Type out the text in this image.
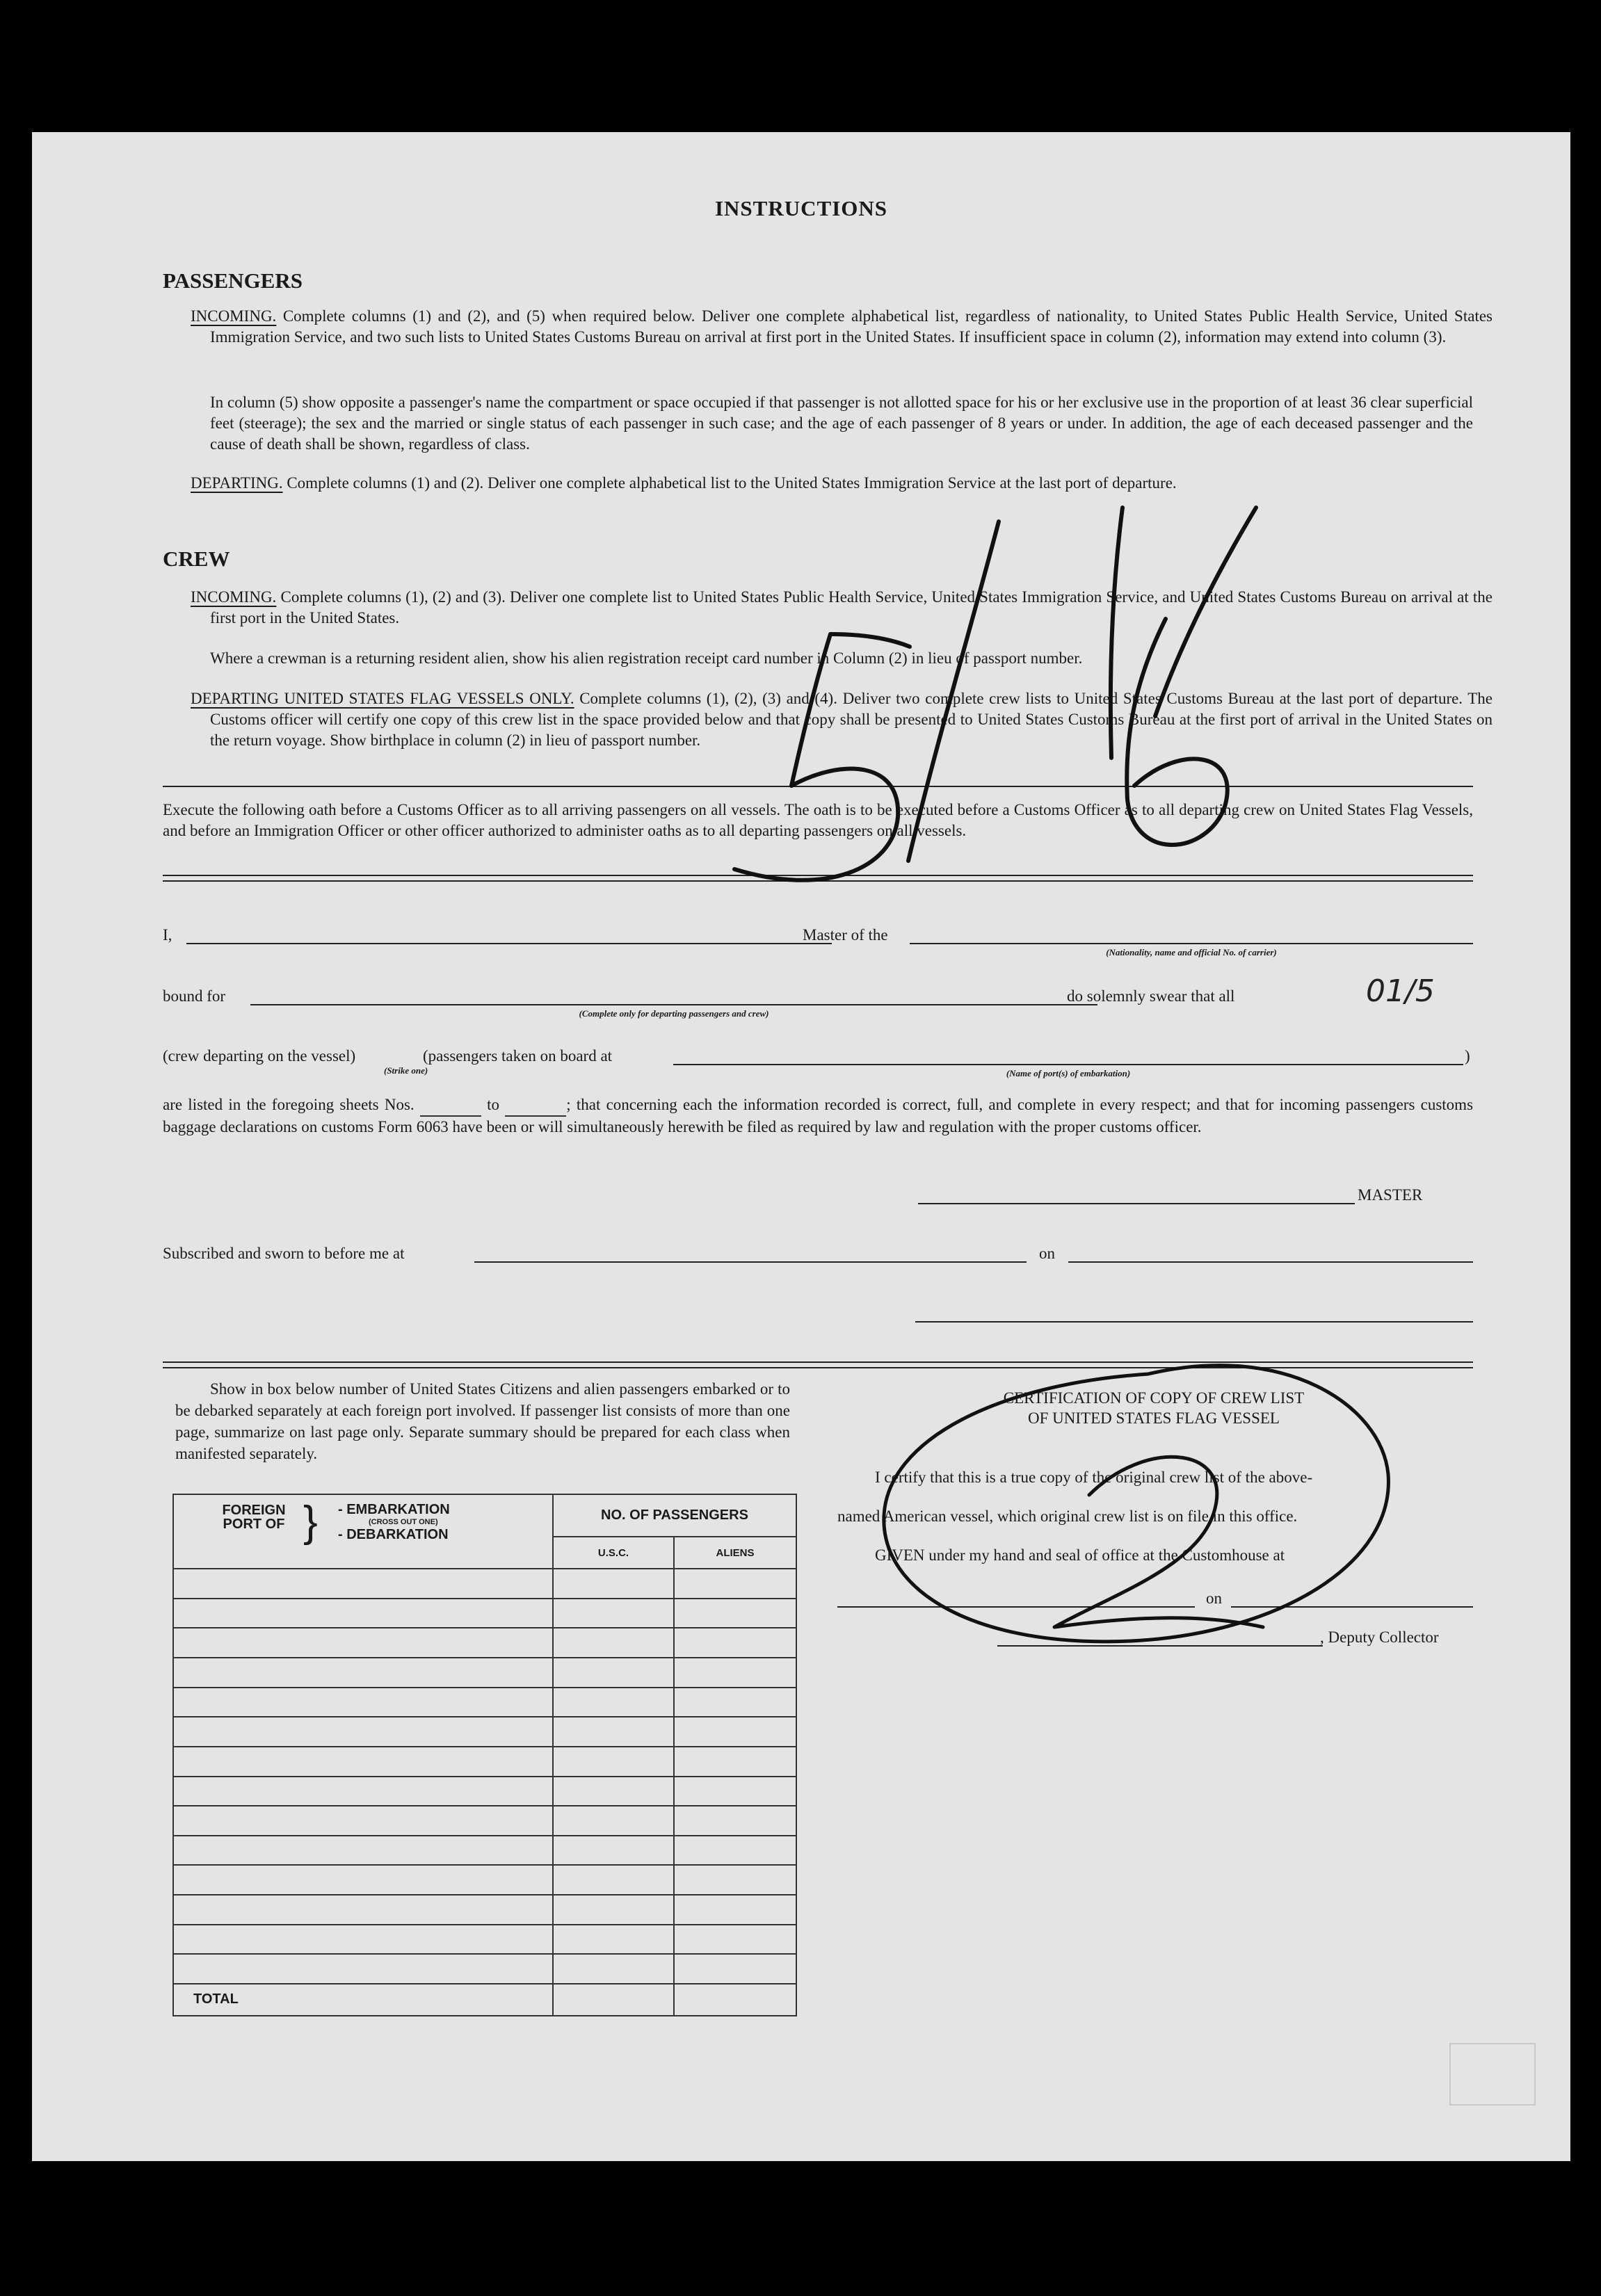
INSTRUCTIONS
PASSENGERS
INCOMING. Complete columns (1) and (2), and (5) when required below. Deliver one complete alphabetical list, regardless of nationality, to United States Public Health Service, United States Immigration Service, and two such lists to United States Customs Bureau on arrival at first port in the United States. If insufficient space in column (2), information may extend into column (3).
In column (5) show opposite a passenger's name the compartment or space occupied if that passenger is not allotted space for his or her exclusive use in the proportion of at least 36 clear superficial feet (steerage); the sex and the married or single status of each passenger in such case; and the age of each passenger of 8 years or under. In addition, the age of each deceased passenger and the cause of death shall be shown, regardless of class.
DEPARTING. Complete columns (1) and (2). Deliver one complete alphabetical list to the United States Immigration Service at the last port of departure.
CREW
INCOMING. Complete columns (1), (2) and (3). Deliver one complete list to United States Public Health Service, United States Immigration Service, and United States Customs Bureau on arrival at the first port in the United States.
Where a crewman is a returning resident alien, show his alien registration receipt card number in Column (2) in lieu of passport number.
DEPARTING UNITED STATES FLAG VESSELS ONLY. Complete columns (1), (2), (3) and (4). Deliver two complete crew lists to United States Customs Bureau at the last port of departure. The Customs officer will certify one copy of this crew list in the space provided below and that copy shall be presented to United States Customs Bureau at the first port of arrival in the United States on the return voyage. Show birthplace in column (2) in lieu of passport number.
Execute the following oath before a Customs Officer as to all arriving passengers on all vessels. The oath is to be executed before a Customs Officer as to all departing crew on United States Flag Vessels, and before an Immigration Officer or other officer authorized to administer oaths as to all departing passengers on all vessels.
I,	Master of the
(Nationality, name and official No. of carrier)
bound for
(Complete only for departing passengers and crew)
do solemnly swear that all
(crew departing on the vessel)
(Strike one)
(passengers taken on board at
(Name of port(s) of embarkation)
)
are listed in the foregoing sheets Nos.	to	; that concerning each the information recorded is correct, full, and complete in every respect; and that for incoming passengers customs baggage declarations on customs Form 6063 have been or will simultaneously herewith be filed as required by law and regulation with the proper customs officer.
MASTER
Subscribed and sworn to before me at	on
Show in box below number of United States Citizens and alien passengers embarked or to be debarked separately at each foreign port involved. If passenger list consists of more than one page, summarize on last page only. Separate summary should be prepared for each class when manifested separately.
FOREIGN PORT OF } - EMBARKATION
(CROSS OUT ONE)
- DEBARKATION	NO. OF PASSENGERS	
	U.S.C.	ALIENS

TOTAL		
CERTIFICATION OF COPY OF CREW LIST
OF UNITED STATES FLAG VESSEL
I certify that this is a true copy of the original crew list of the above-
named American vessel, which original crew list is on file in this office.
GIVEN under my hand and seal of office at the Customhouse at
on
, Deputy Collector
01/5
